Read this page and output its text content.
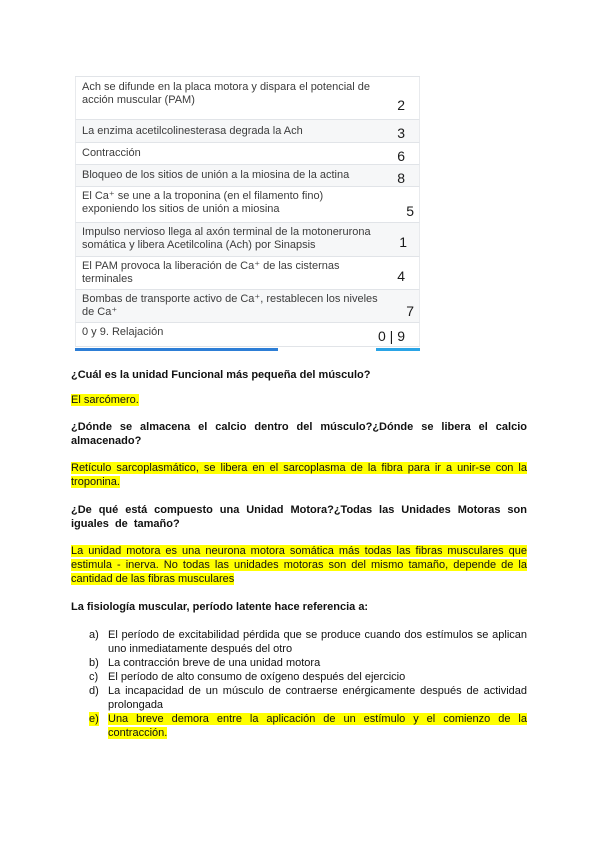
Ach se difunde en la placa motora y dispara el potencial de acción muscular (PAM)	2
La enzima acetilcolinesterasa degrada la Ach	3
Contracción	6
Bloqueo de los sitios de unión a la miosina de la actina	8
El Ca⁺ se une a la troponina (en el filamento fino) exponiendo los sitios de unión a miosina	5
Impulso nervioso llega al axón terminal de la motonerurona somática y libera Acetilcolina (Ach) por Sinapsis	1
El PAM provoca la liberación de Ca⁺ de las cisternas terminales	4
Bombas de transporte activo de Ca⁺, restablecen los niveles de Ca⁺	7
0 y 9. Relajación	0 | 9
¿Cuál es la unidad Funcional más pequeña del músculo?
El sarcómero.
¿Dónde se almacena el calcio dentro del músculo?¿Dónde se libera el calcio almacenado?
Retículo sarcoplasmático, se libera en el sarcoplasma de la fibra para ir a unir-se con la troponina.
¿De qué está compuesto una Unidad Motora?¿Todas las Unidades Motoras son iguales de tamaño?
La unidad motora es una neurona motora somática más todas las fibras musculares que estimula - inerva. No todas las unidades motoras son del mismo tamaño, depende de la cantidad de las fibras musculares
La fisiología muscular, período latente hace referencia a:
a) El período de excitabilidad pérdida que se produce cuando dos estímulos se aplican uno inmediatamente después del otro
b) La contracción breve de una unidad motora
c) El período de alto consumo de oxígeno después del ejercicio
d) La incapacidad de un músculo de contraerse enérgicamente después de actividad prolongada
e) Una breve demora entre la aplicación de un estímulo y el comienzo de la contracción.
